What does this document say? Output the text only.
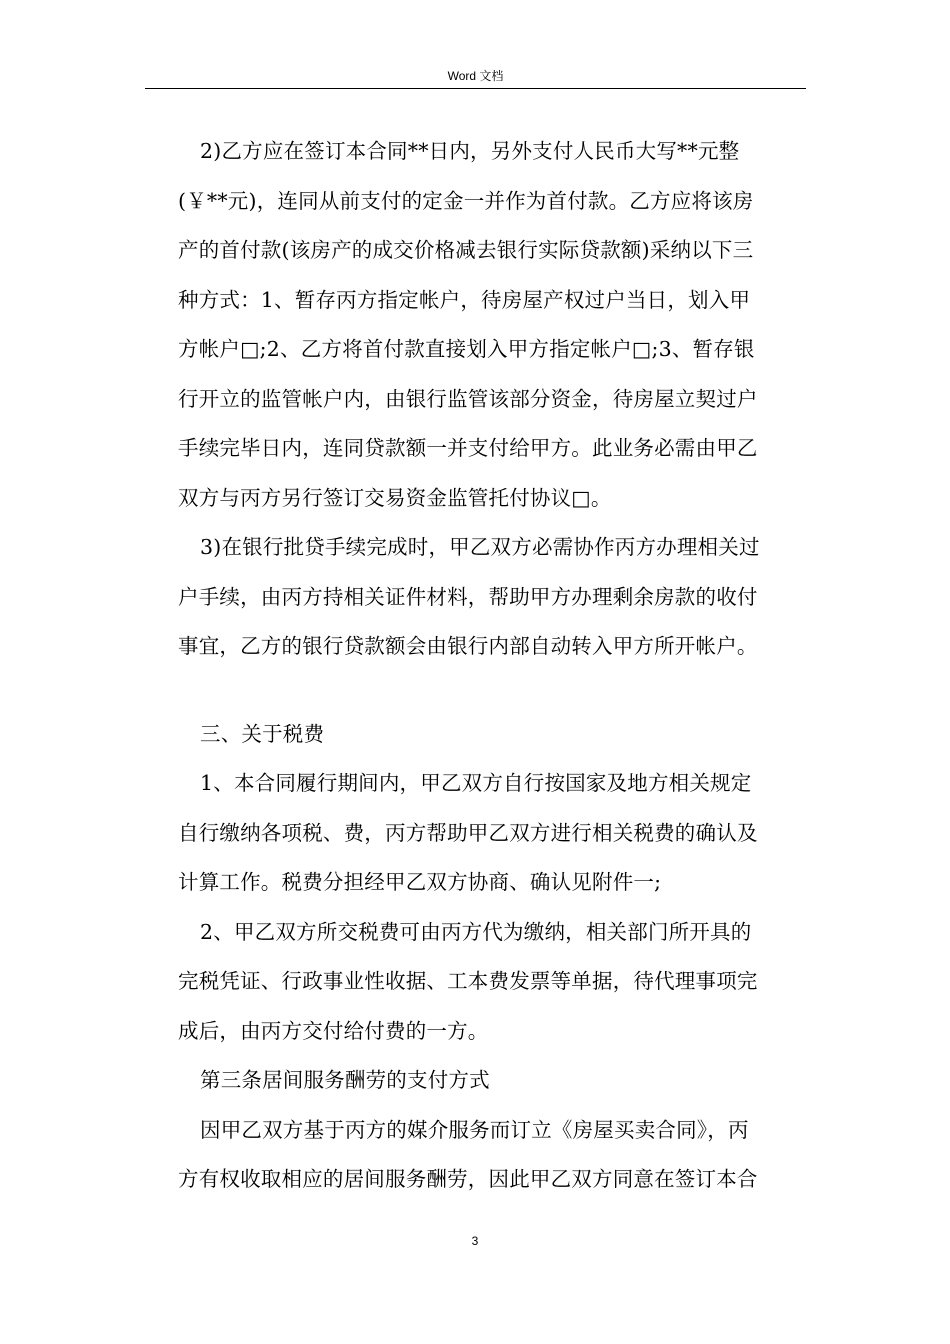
Word 文档
2)乙方应在签订本合同**日内，另外支付人民币大写**元整
(￥**元)，连同从前支付的定金一并作为首付款。乙方应将该房
产的首付款(该房产的成交价格减去银行实际贷款额)采纳以下三
种方式：1、暂存丙方指定帐户，待房屋产权过户当日，划入甲
方帐户□;2、乙方将首付款直接划入甲方指定帐户□;3、暂存银
行开立的监管帐户内，由银行监管该部分资金，待房屋立契过户
手续完毕日内，连同贷款额一并支付给甲方。此业务必需由甲乙
双方与丙方另行签订交易资金监管托付协议□。
3)在银行批贷手续完成时，甲乙双方必需协作丙方办理相关过
户手续，由丙方持相关证件材料，帮助甲方办理剩余房款的收付
事宜，乙方的银行贷款额会由银行内部自动转入甲方所开帐户。
三、关于税费
1、本合同履行期间内，甲乙双方自行按国家及地方相关规定
自行缴纳各项税、费，丙方帮助甲乙双方进行相关税费的确认及
计算工作。税费分担经甲乙双方协商、确认见附件一;
2、甲乙双方所交税费可由丙方代为缴纳，相关部门所开具的
完税凭证、行政事业性收据、工本费发票等单据，待代理事项完
成后，由丙方交付给付费的一方。
第三条居间服务酬劳的支付方式
因甲乙双方基于丙方的媒介服务而订立《房屋买卖合同》，丙
方有权收取相应的居间服务酬劳，因此甲乙双方同意在签订本合
3
